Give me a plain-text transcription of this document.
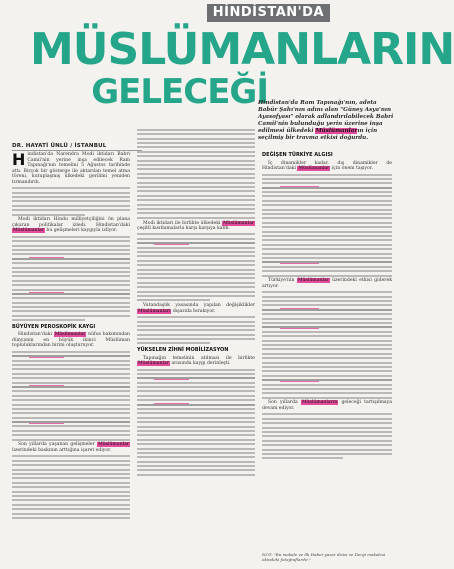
HİNDİSTAN'DA
MÜSLÜMANLARIN
GELECEĞİ
Hindistan'da Ram Tapınağı'nın, adeta Babür Şahı'nın adını alan "Güney Asya'nın Ayasofyası" olarak adlandırılabilecek Babri Camii'nin bulunduğu yerin üzerine inşa edilmesi ülkedeki Müslümanların için seçilmiş bir travma etkisi doğurdu.
DR. HAYATİ ÜNLÜ / İSTANBUL

Hindistan'da Narendra Modi iktidarı Babri Camii'nin yerine inşa edilecek Ram Tapınağı'nın temelini 5 Ağustos tarihinde attı. Birçok bir gösterge ile aktarılan temel atma töreni, kutuplaşmış ülkedeki gerilimi yeniden tırmandırdı.

Modi iktidarı Hindu milliyetçiliğini ön plana çıkaran politikalar izledi. Hindistan'daki Müslümanlar bu gelişmeleri kaygıyla izliyor.

BÜYÜYEN PEROSKOPİK KAYGI

Hindistan'daki Müslümanlar nüfus bakımından dünyanın en büyük ikinci Müslüman topluluklarından birini oluşturuyor.

Son yıllarda yaşanan gelişmeler Müslümanlar üzerindeki baskının arttığına işaret ediyor.

Modi iktidarı ile birlikte ülkedeki Müslümanlar çeşitli kısıtlamalarla karşı karşıya kaldı.

Vatandaşlık yasasında yapılan değişiklikler Müslümanları dışarıda bırakıyor.

YÜKSELEN ZİHNİ MOBİLİZASYON

Tapınağın temelinin atılması ile birlikte Müslümanlar arasında kaygı derinleşti.

DEĞİŞEN TÜRKİYE ALGISI

İç dinamikler kadar, dış dinamikler de Hindistan'daki Müslümanlar için önem taşıyor.

Türkiye'nin Müslümanlar üzerindeki etkisi giderek artıyor.

Son yıllarda Müslümanların geleceği tartışılmaya devam ediyor.

NOT: "Bu makale ve ilk Habor yazar dizisi ve Dergi makalesi ekindeki fotoğraflardır."
